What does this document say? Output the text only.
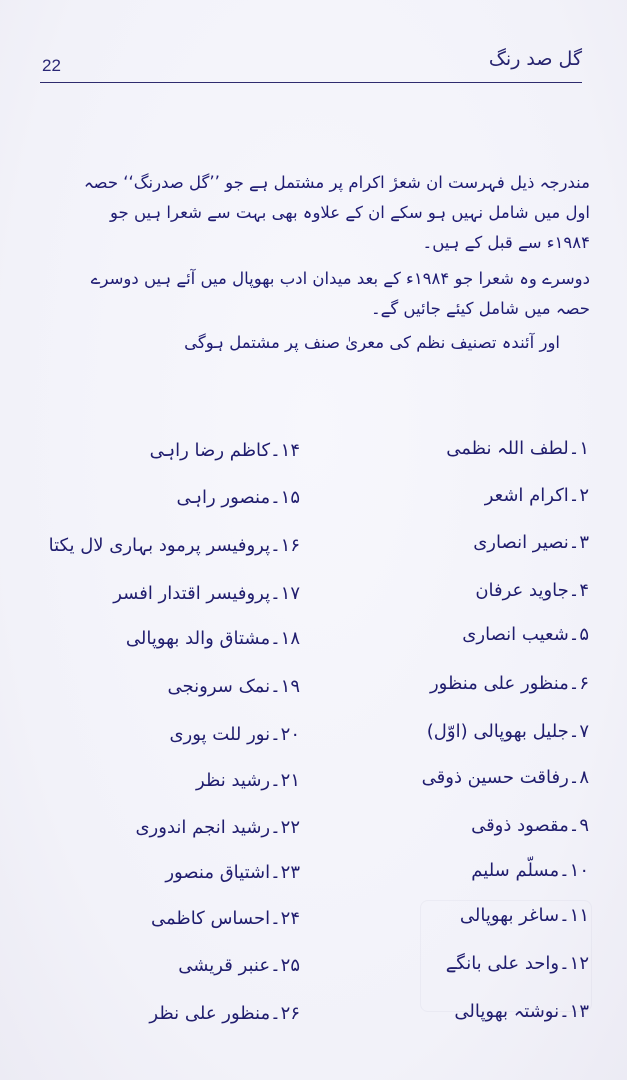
22	گل صد رنگ

مندرجہ ذیل فہرست ان شعرٔ اکرام پر مشتمل ہے جو ’’گل صدرنگ‘‘ حصہ اول میں شامل نہیں ہو سکے ان کے علاوہ بھی بہت سے شعرا ہیں جو ۱۹۸۴ء سے قبل کے ہیں۔

دوسرے وہ شعرا جو ۱۹۸۴ء کے بعد میدان ادب بھوپال میں آئے ہیں دوسرے حصہ میں شامل کیئے جائیں گے۔

اور آئندہ تصنیف نظم کی معریٰ صنف پر مشتمل ہوگی

۱۔لطف اللہ نظمی
۲۔اکرام اشعر
۳۔نصیر انصاری
۴۔جاوید عرفان
۵۔شعیب انصاری
۶۔منظور علی منظور
۷۔جلیل بھوپالی (اوّل)
۸۔رفاقت حسین ذوقی
۹۔مقصود ذوقی
۱۰۔مسلّم سلیم
۱۱۔ساغر بھوپالی
۱۲۔واحد علی بانگے
۱۳۔نوشتہ بھوپالی
۱۴۔کاظم رضا راہی
۱۵۔منصور راہی
۱۶۔پروفیسر پرمود بہاری لال یکتا
۱۷۔پروفیسر اقتدار افسر
۱۸۔مشتاق والد بھوپالی
۱۹۔نمک سرونجی
۲۰۔نور للت پوری
۲۱۔رشید نظر
۲۲۔رشید انجم اندوری
۲۳۔اشتیاق منصور
۲۴۔احساس کاظمی
۲۵۔عنبر قریشی
۲۶۔منظور علی نظر
